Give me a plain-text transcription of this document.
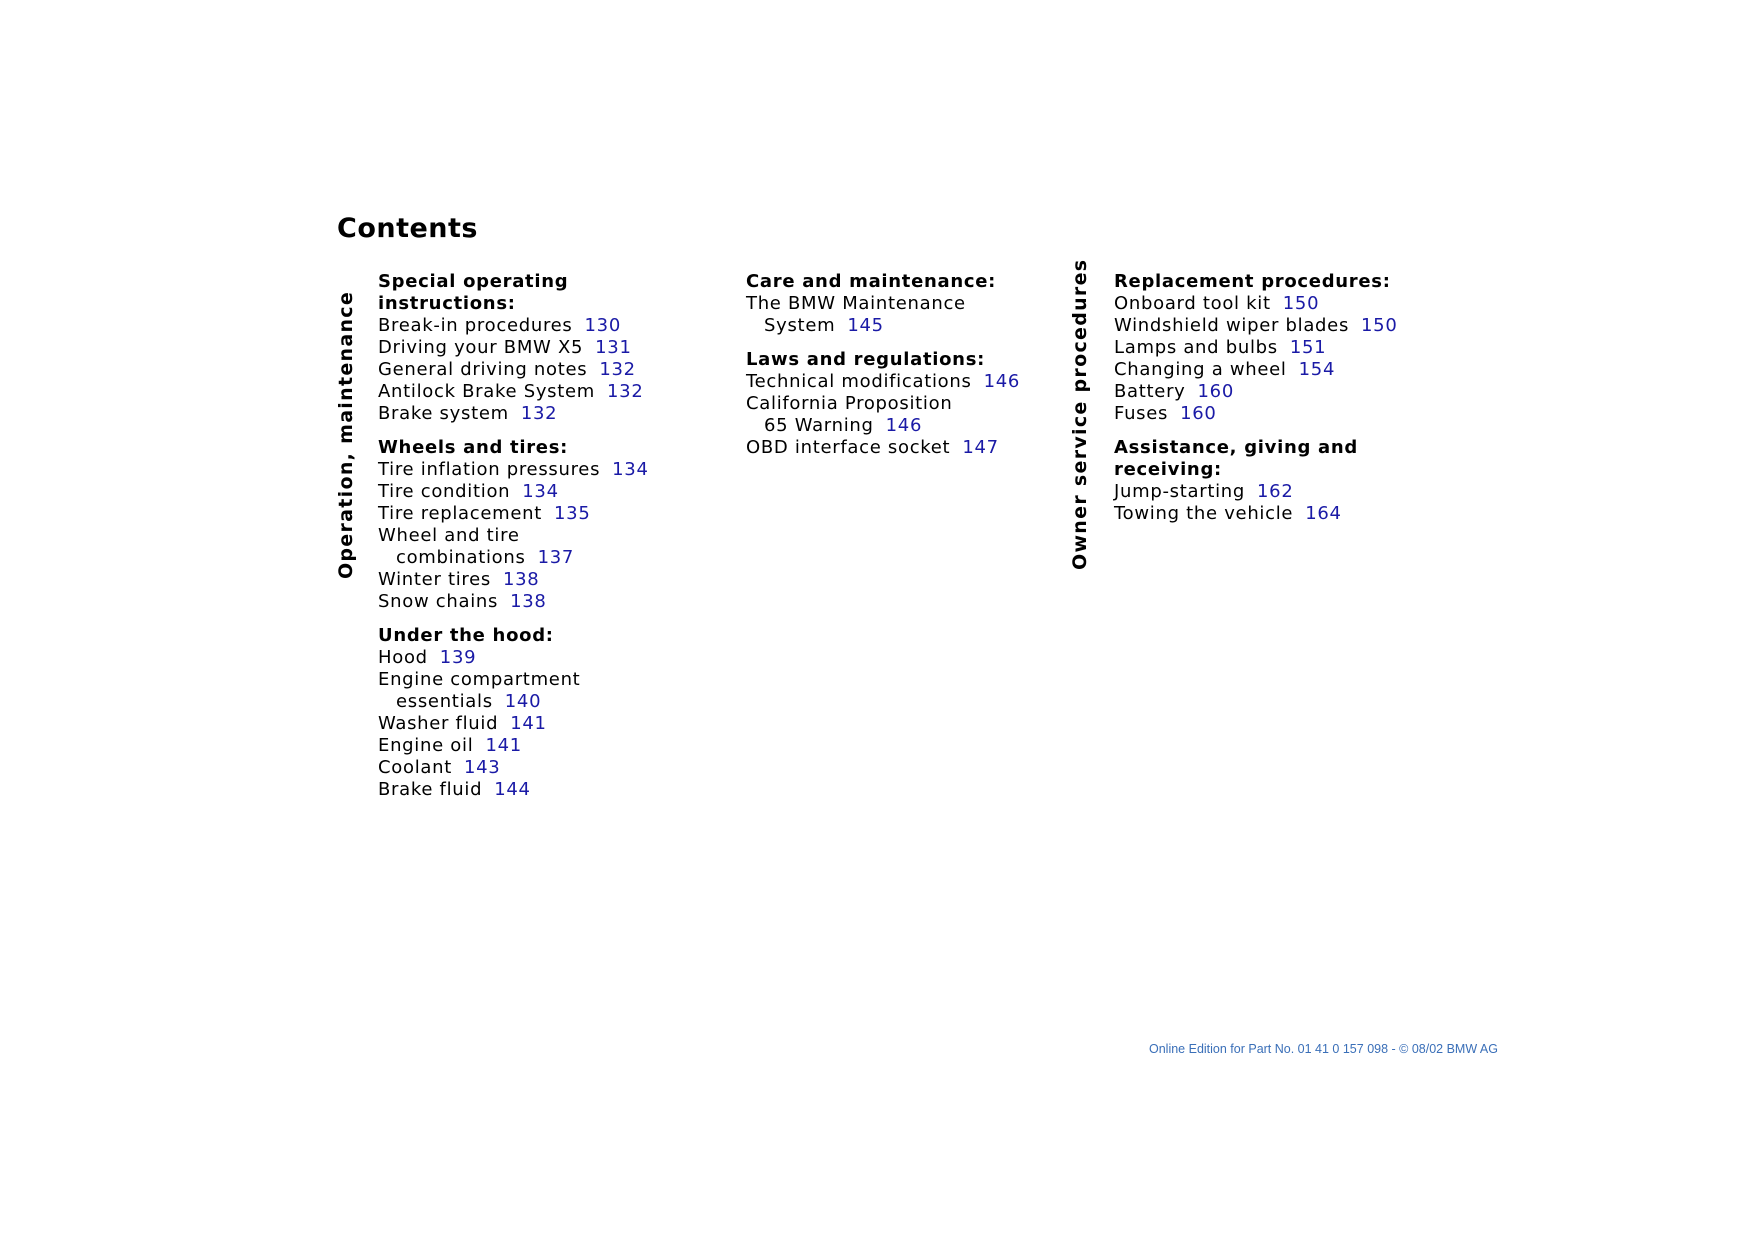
Contents
Operation, maintenance	Owner service procedures
Special operating instructions:
Break-in procedures 130
Driving your BMW X5 131
General driving notes 132
Antilock Brake System 132
Brake system 132
Wheels and tires:
Tire inflation pressures 134
Tire condition 134
Tire replacement 135
Wheel and tire
combinations 137
Winter tires 138
Snow chains 138
Under the hood:
Hood 139
Engine compartment
essentials 140
Washer fluid 141
Engine oil 141
Coolant 143
Brake fluid 144
Care and maintenance:
The BMW Maintenance
System 145
Laws and regulations:
Technical modifications 146
California Proposition
65 Warning 146
OBD interface socket 147
Replacement procedures:
Onboard tool kit 150
Windshield wiper blades 150
Lamps and bulbs 151
Changing a wheel 154
Battery 160
Fuses 160
Assistance, giving and receiving:
Jump-starting 162
Towing the vehicle 164
Online Edition for Part No. 01 41 0 157 098 - © 08/02 BMW AG
